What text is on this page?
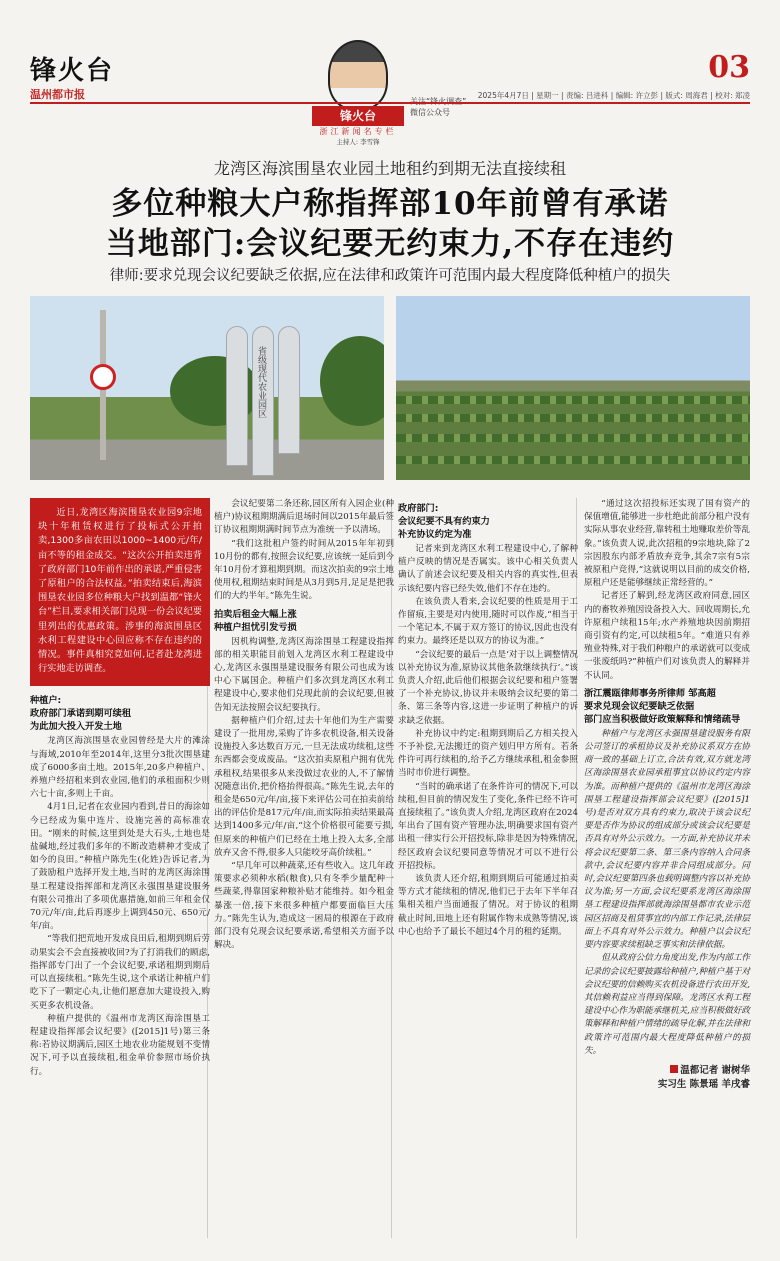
锋火台
温州都市报
锋火台
浙江新闻名专栏
主持人: 李雪锋
微信公众号
03
2025年4月7日 | 星期一 | 责编: 吕进科 | 编辑: 许立彭 | 版式: 周海君 | 校对: 郑凌
龙湾区海滨围垦农业园土地租约到期无法直接续租
多位种粮大户称指挥部10年前曾有承诺
当地部门:会议纪要无约束力,不存在违约
律师:要求兑现会议纪要缺乏依据,应在法律和政策许可范围内最大程度降低种植户的损失
省级现代农业园区

近日,龙湾区海滨围垦农业园9宗地块十年租赁权进行了投标式公开拍卖,1300多亩农田以1000~1400元/年/亩不等的租金成交。“这次公开拍卖违背了政府部门10年前作出的承诺,严重侵害了原租户的合法权益。”拍卖结束后,海滨围垦农业园多位种粮大户找到温都“锋火台”栏目,要求相关部门兑现一份会议纪要里列出的优惠政策。涉事的海滨围垦区水利工程建设中心回应称不存在违约的情况。事件真相究竟如何,记者赴龙湾进行实地走访调查。

种植户:
政府部门承诺到期可续租
为此加大投入开发土地

龙湾区海滨围垦农业园曾经是大片的滩涂与海域,2010年至2014年,这里分3批次围垦建成了6000多亩土地。2015年,20多户种植户、养殖户经招租来到农业园,他们的承租面积少则六七十亩,多则上千亩。

4月1日,记者在农业园内看到,昔日的海涂如今已经成为集中连片、设施完善的高标准农田。“刚来的时候,这里到处是大石头,土地也是盐碱地,经过我们多年的不断改造耕种才变成了如今的良田。”种植户陈先生(化姓)告诉记者,为了鼓励租户选择开发土地,当时的龙湾区海涂围垦工程建设指挥部和龙湾区永强围垦建设服务有限公司推出了多项优惠措施,如前三年租金仅70元/年/亩,此后再逐步上调到450元、650元/年/亩。

“等我们把荒地开发成良田后,租期到期后劳动果实会不会直接被收回?为了打消我们的顾虑,指挥部专门出了一个会议纪要,承诺租期到期后可以直接续租。”陈先生说,这个承诺让种植户们吃下了一颗定心丸,让他们愿意加大建设投入,购买更多农机设备。

种植户提供的《温州市龙湾区海涂围垦工程建设指挥部会议纪要》([2015]1号)第三条称:若协议期满后,园区土地农业功能规划不变情况下,可予以直接续租,租金单价参照市场价执行。

会议纪要第二条还称,园区所有入园企业(种植户)协议租期期满后退场时间以2015年最后签订协议租期期满时间节点为准统一予以清场。

“我们这批租户签约时间从2015年年初到10月份的都有,按照会议纪要,应该统一延后到今年10月份才算租期到期。而这次拍卖的9宗土地使用权,租期结束时间是从3月到5月,足足是把我们的大约半年。”陈先生说。

拍卖后租金大幅上涨
种植户担忧引发亏损

因机构调整,龙湾区海涂围垦工程建设指挥部的相关职能目前划入龙湾区水利工程建设中心,龙湾区永强围垦建设服务有限公司也成为该中心下属国企。种植户们多次到龙湾区水利工程建设中心,要求他们兑现此前的会议纪要,但被告知无法按照会议纪要执行。

据种植户们介绍,过去十年他们为生产需要建设了一批用房,采购了许多农机设备,相关设备设施投入多达数百万元,一旦无法成功续租,这些东西都会变成废品。“这次拍卖原租户拥有优先承租权,结果很多从来没做过农业的人,不了解情况随意出价,把价格抬得很高。”陈先生说,去年的租金是650元/年/亩,接下来评估公司在拍卖前给出的评估价是817元/年/亩,而实际拍卖结果最高达到1400多元/年/亩,“这个价格很可能要亏损,但原来的种植户们已经在土地上投入太多,全部放弃又舍不得,很多人只能咬牙高价续租。”

“早几年可以种蔬菜,还有些收入。这几年政策要求必须种水稻(粮食),只有冬季少量配种一些蔬菜,得靠国家种粮补贴才能维持。如今租金暴涨一倍,接下来很多种植户都要面临巨大压力。”陈先生认为,造成这一困局的根源在于政府部门没有兑现会议纪要承诺,希望相关方面予以解决。

政府部门:
会议纪要不具有约束力
补充协议约定为准

记者来到龙湾区水利工程建设中心,了解种植户反映的情况是否属实。该中心相关负责人确认了前述会议纪要及相关内容的真实性,但表示该纪要内容已经失效,他们不存在违约。

在该负责人看来,会议纪要的性质是用于工作留痕,主要是对内使用,随时可以作废,“相当于一个笔记本,不属于双方签订的协议,因此也没有约束力。最终还是以双方的协议为准。”

“会议纪要的最后一点是‘对于以上调整情况以补充协议为准,原协议其他条款继续执行’。”该负责人介绍,此后他们根据会议纪要和租户签署了一个补充协议,协议并未吸纳会议纪要的第二条、第三条等内容,这进一步证明了种植户的诉求缺乏依据。

补充协议中约定:租期到期后乙方相关投入不予补偿,无法搬迁的资产划归甲方所有。若条件许可再行续租的,给予乙方继续承租,租金参照当时市价进行调整。

“当时的确承诺了在条件许可的情况下,可以续租,但目前的情况发生了变化,条件已经不许可直接续租了。”该负责人介绍,龙湾区政府在2024年出台了国有资产管理办法,明确要求国有资产出租一律实行公开招投标,除非是因为特殊情况,经区政府会议纪要同意等情况才可以不进行公开招投标。

该负责人还介绍,租期到期后可能通过拍卖等方式才能续租的情况,他们已于去年下半年召集相关租户当面通报了情况。对于协议的租期截止时间,田地上还有附属作物未成熟等情况,该中心也给予了最长不超过4个月的租约延期。

“通过这次招投标还实现了国有资产的保值增值,能够进一步杜绝此前部分租户没有实际从事农业经营,靠转租土地赚取差价等乱象。”该负责人说,此次招租的9宗地块,除了2宗因股东内部矛盾放弃竞争,其余7宗有5宗被原租户竞得,“这就说明以目前的成交价格,原租户还是能够继续正常经营的。”

记者还了解到,经龙湾区政府同意,园区内的畜牧养殖因设备投入大、回收周期长,允许原租户续租15年;水产养殖地块因前期招商引资有约定,可以续租5年。“难道只有养殖业特殊,对于我们种粮户的承诺就可以变成一张废纸吗?”种植户们对该负责人的解释并不认同。

浙江震瓯律师事务所律师 邹高超
要求兑现会议纪要缺乏依据
部门应当积极做好政策解释和情绪疏导

种植户与龙湾区永强围垦建设服务有限公司签订的承租协议及补充协议系双方在协商一致的基础上订立,合法有效,双方就龙湾区海涂围垦农业园承租事宜以协议约定内容为准。而种植户提供的《温州市龙湾区海涂围垦工程建设指挥部会议纪要》([2015]1号)是否对双方具有约束力,取决于该会议纪要是否作为协议的组成部分或该会议纪要是否具有对外公示效力。一方面,补充协议并未将会议纪要第二条、第三条内容纳入合同条款中,会议纪要内容并非合同组成部分。同时,会议纪要第四条也载明调整内容以补充协议为准;另一方面,会议纪要系龙湾区海涂围垦工程建设指挥部就海涂围垦都市农业示范园区招商及租赁事宜的内部工作记录,法律层面上不具有对外公示效力。种植户以会议纪要内容要求续租缺乏事实和法律依据。

但从政府公信力角度出发,作为内部工作记录的会议纪要披露给种植户,种植户基于对会议纪要的信赖购买农机设备进行农田开发,其信赖利益应当得到保障。龙湾区水利工程建设中心作为职能承继机关,应当积极做好政策解释和种植户情绪的疏导化解,并在法律和政策许可范围内最大程度降低种植户的损失。

温都记者 谢树华
实习生 陈景瑶 羊戌睿
